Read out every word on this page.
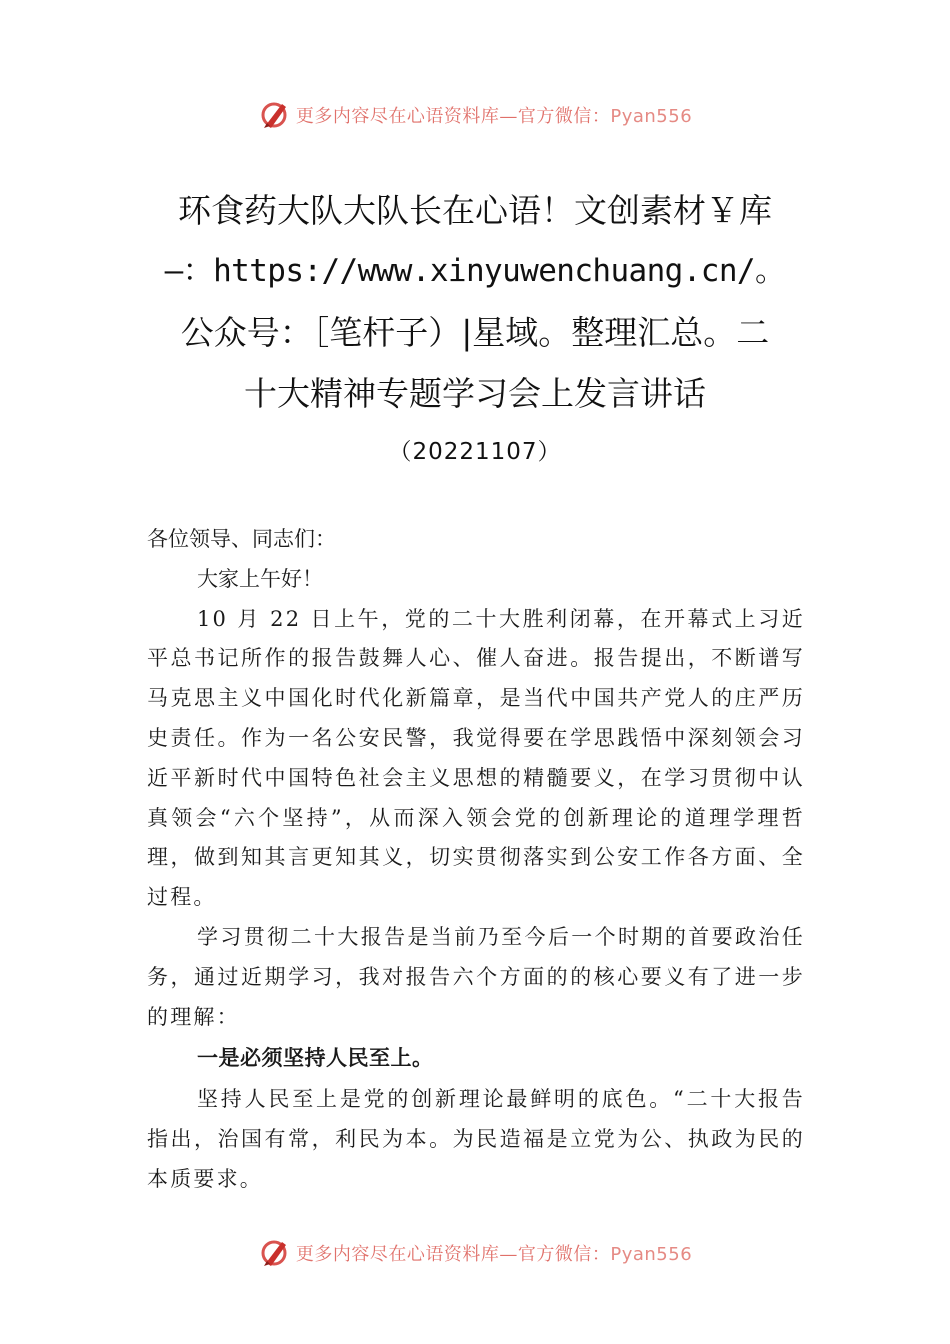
更多内容尽在心语资料库—官方微信：Pyan556
环食药大队大队长在心语！文创素材￥库
—：https://www.xinyuwenchuang.cn/。
公众号：［笔杆子）|星域。整理汇总。二
十大精神专题学习会上发言讲话
（20221107）

各位领导、同志们：

大家上午好！

10 月 22 日上午，党的二十大胜利闭幕，在开幕式上习近平总书记所作的报告鼓舞人心、催人奋进。报告提出，不断谱写马克思主义中国化时代化新篇章，是当代中国共产党人的庄严历史责任。作为一名公安民警，我觉得要在学思践悟中深刻领会习近平新时代中国特色社会主义思想的精髓要义，在学习贯彻中认真领会“六个坚持”，从而深入领会党的创新理论的道理学理哲理，做到知其言更知其义，切实贯彻落实到公安工作各方面、全过程。

学习贯彻二十大报告是当前乃至今后一个时期的首要政治任务，通过近期学习，我对报告六个方面的的核心要义有了进一步的理解：

一是必须坚持人民至上。

坚持人民至上是党的创新理论最鲜明的底色。“二十大报告指出，治国有常，利民为本。为民造福是立党为公、执政为民的本质要求。

更多内容尽在心语资料库—官方微信：Pyan556
